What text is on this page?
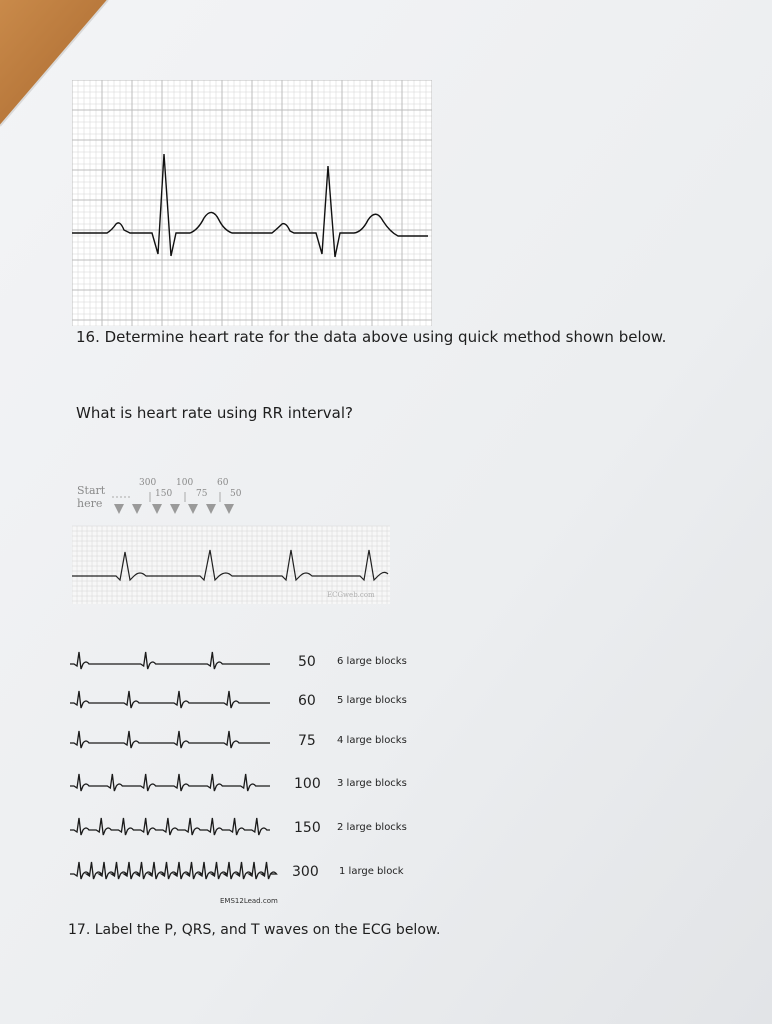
16. Determine heart rate for the data above using quick method shown below.
What is heart rate using RR interval?
Start
here
300 100	60
150	75	50
ECGweb.com
50 6 large blocks
60 5 large blocks
75 4 large blocks
100 3 large blocks
150 2 large blocks
300 1 large block
EMS12Lead.com
17. Label the P, QRS, and T waves on the ECG below.
